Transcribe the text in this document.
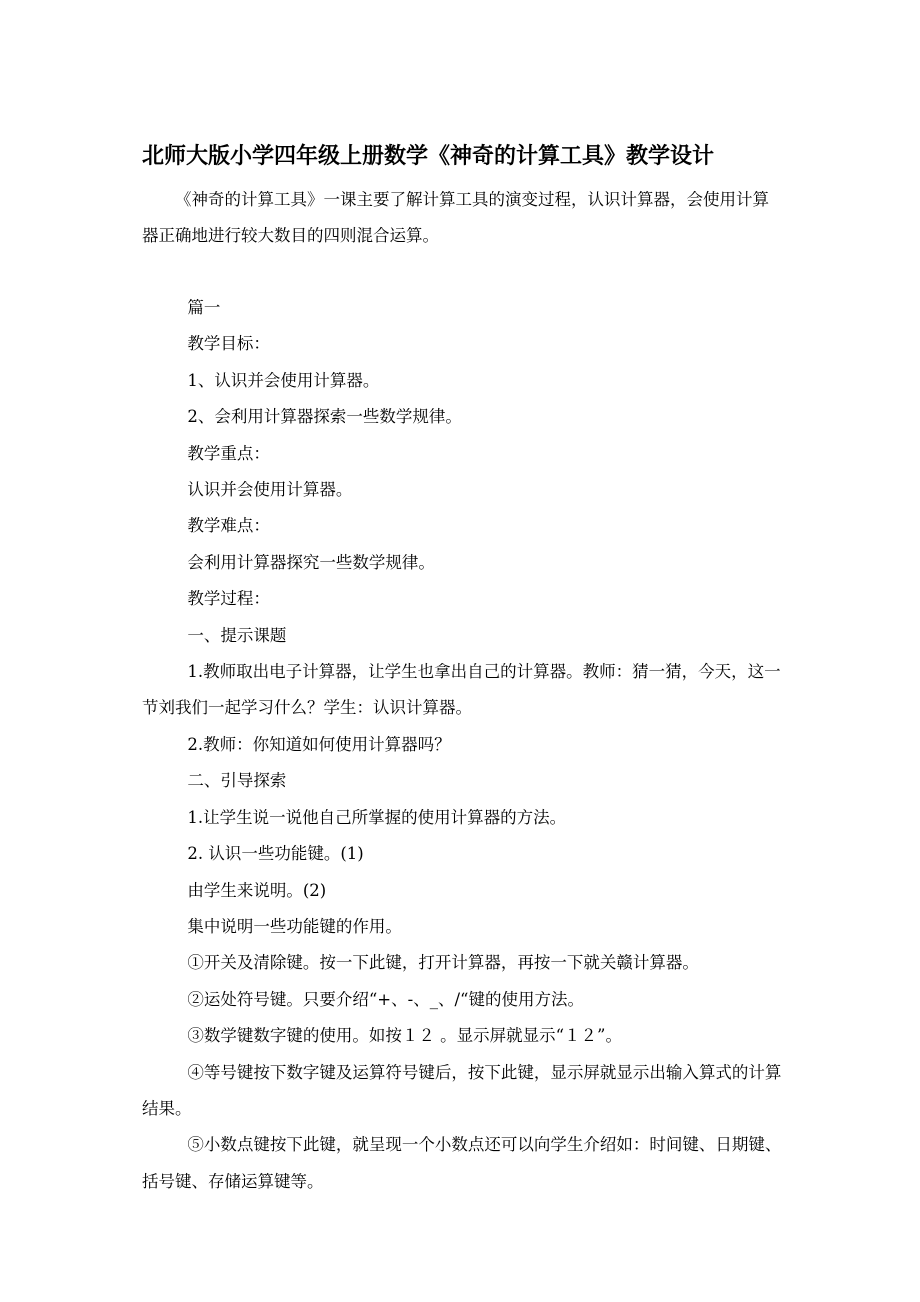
北师大版小学四年级上册数学《神奇的计算工具》教学设计

《神奇的计算工具》一课主要了解计算工具的演变过程，认识计算器，会使用计算器正确地进行较大数目的四则混合运算。

篇一

教学目标：

1、认识并会使用计算器。

2、会利用计算器探索一些数学规律。

教学重点：

认识并会使用计算器。

教学难点：

会利用计算器探究一些数学规律。

教学过程：

一、提示课题

1.教师取出电子计算器，让学生也拿出自己的计算器。教师：猜一猜，今天，这一节刘我们一起学习什么？学生：认识计算器。

2.教师：你知道如何使用计算器吗？

二、引导探索

1.让学生说一说他自己所掌握的使用计算器的方法。

2. 认识一些功能键。(1)

由学生来说明。(2)

集中说明一些功能键的作用。

①开关及清除键。按一下此键，打开计算器，再按一下就关赣计算器。

②运处符号键。只要介绍“+、-、_、/“键的使用方法。

③数学键数字键的使用。如按１２ 。显示屏就显示“１２”。

④等号键按下数字键及运算符号键后，按下此键，显示屏就显示出输入算式的计算结果。

⑤小数点键按下此键，就呈现一个小数点还可以向学生介绍如：时间键、日期键、括号键、存储运算键等。
